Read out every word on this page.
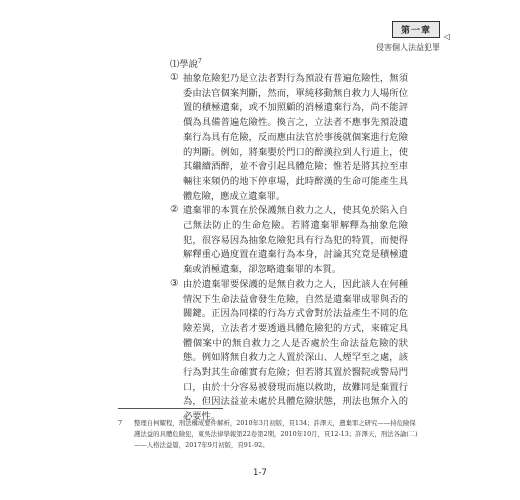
第一章
侵害個人法益犯罪
◁

⑴學說$^7$

① 抽象危險犯乃是立法者對行為預設有普遍危險性，無須委由法官個案判斷，然而，單純移動無自救力人場所位置的積極遺棄，或不加照顧的消極遺棄行為，尚不能評價為具備普遍危險性。換言之，立法者不應事先預設遺棄行為具有危險，反而應由法官於事後就個案進行危險的判斷。例如，將棄嬰於門口的醉漢拉到人行道上，使其繼續酒醉，並不會引起具體危險；惟若是將其拉至車輛往來頻仍的地下停車場，此時醉漢的生命可能產生具體危險，應成立遺棄罪。

② 遺棄罪的本質在於保護無自救力之人，使其免於陷入自己無法防止的生命危險。若將遺棄罪解釋為抽象危險犯，很容易因為抽象危險犯具有行為犯的特質，而便得解釋重心過度置在遺棄行為本身，討論其究竟是積極遺棄或消極遺棄，卻忽略遺棄罪的本質。

③ 由於遺棄罪要保護的是無自救力之人，因此該人在何種情況下生命法益會發生危險，自然是遺棄罪成罪與否的關鍵。正因為同樣的行為方式會對於法益產生不同的危險差異，立法者才要透過具體危險犯的方式，來確定具體個案中的無自救力之人是否處於生命法益危險的狀態。例如將無自救力之人置於深山、人煙罕至之處，該行為對其生命確實有危險；但若將其置於醫院或警局門口，由於十分容易被發現而施以救助，故難同是棄置行為，但因法益並未處於具體危險狀態，刑法也無介入的必要性。

7	整理自柯耀程，刑法構成要件解析，2010年3月初版，頁134；許澤天，遺棄罪之研究——持危險保護法益的具體危險犯，東吳法律學報第22卷第2期，2010年10月，頁12-13；許澤天，刑法各論(二)——人格法益篇，2017年9月初版，頁91-92。
1-7
